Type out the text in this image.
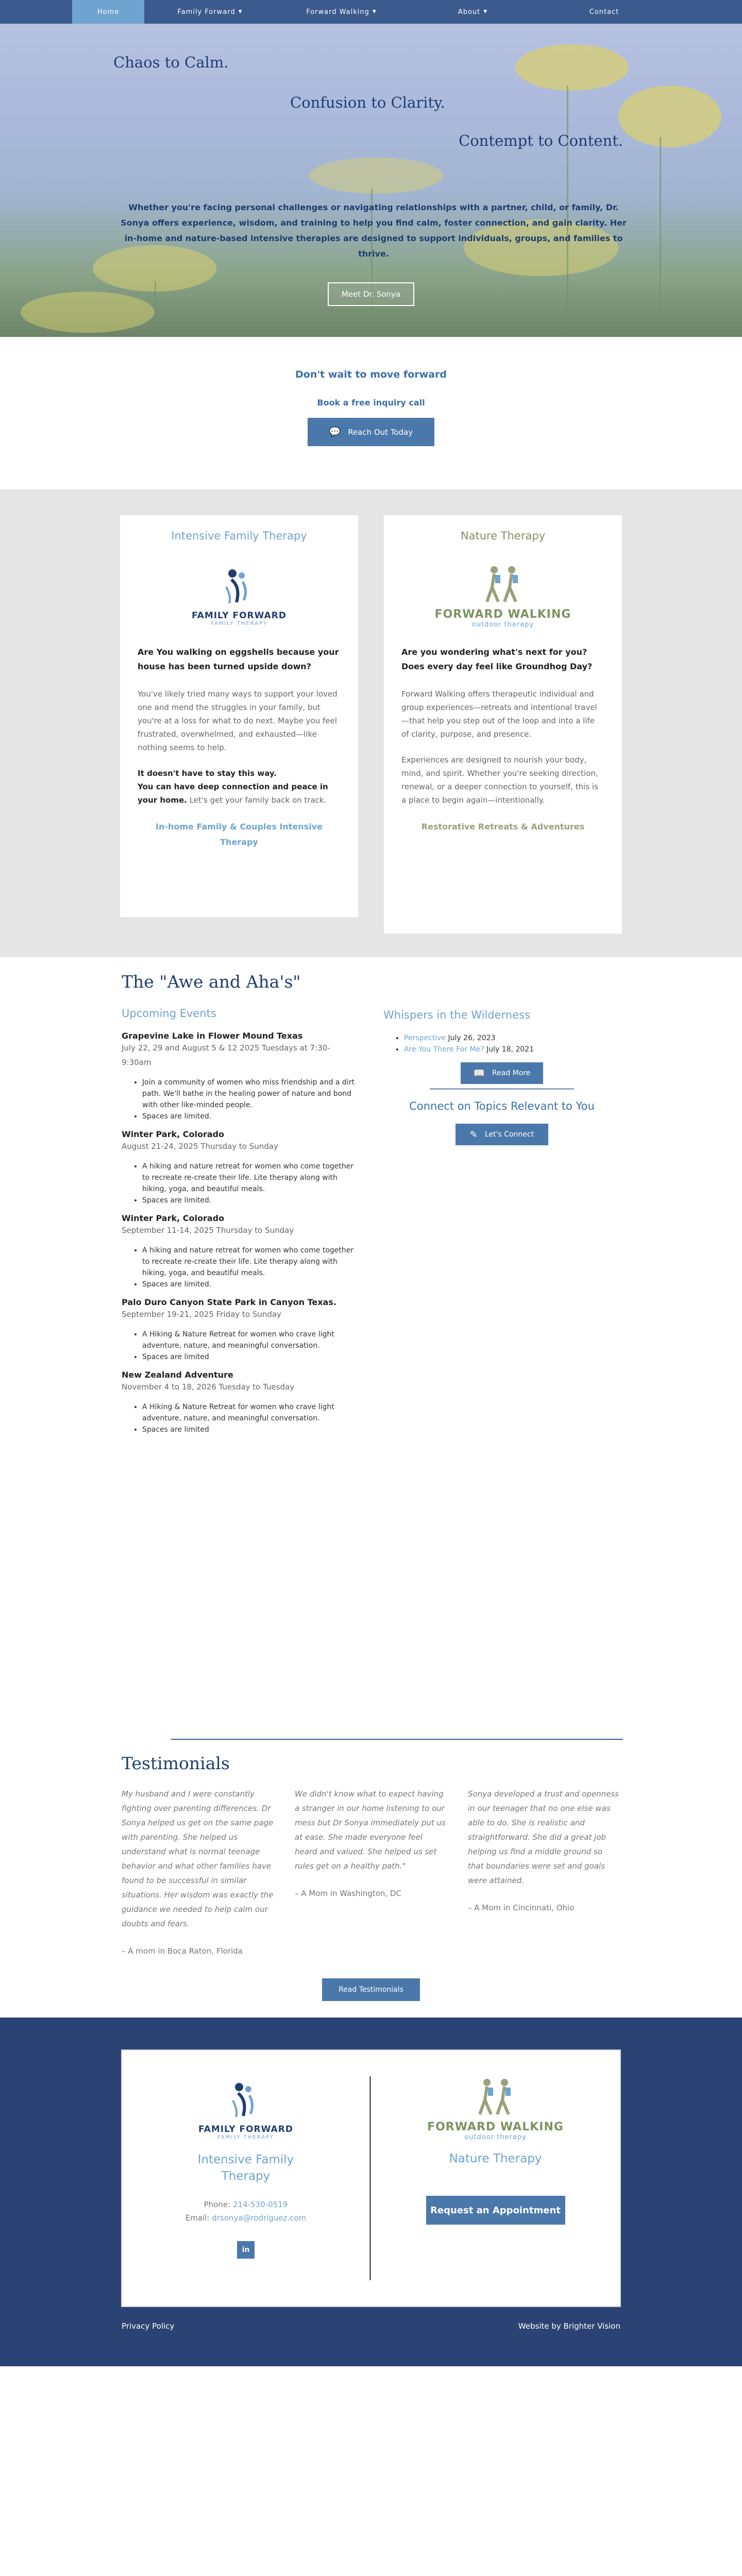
Home	Family Forward ▼	Forward Walking ▼	About ▼	Contact
Chaos to Calm.
Confusion to Clarity.
Contempt to Content.
Whether you're facing personal challenges or navigating relationships with a partner, child, or family, Dr. Sonya offers experience, wisdom, and training to help you find calm, foster connection, and gain clarity. Her in-home and nature-based intensive therapies are designed to support individuals, groups, and families to thrive.
Meet Dr. Sonya
Don't wait to move forward
Book a free inquiry call
💬 Reach Out Today
Intensive Family Therapy
FAMILY FORWARD
FAMILY THERAPY
Are You walking on eggshells because your house has been turned upside down?

You've likely tried many ways to support your loved one and mend the struggles in your family, but you're at a loss for what to do next. Maybe you feel frustrated, overwhelmed, and exhausted—like nothing seems to help.

It doesn't have to stay this way.
You can have deep connection and peace in your home. Let's get your family back on track.

In-home Family & Couples Intensive Therapy
Nature Therapy
FORWARD WALKING
outdoor therapy
Are you wondering what's next for you? Does every day feel like Groundhog Day?

Forward Walking offers therapeutic individual and group experiences—retreats and intentional travel—that help you step out of the loop and into a life of clarity, purpose, and presence.

Experiences are designed to nourish your body, mind, and spirit. Whether you're seeking direction, renewal, or a deeper connection to yourself, this is a place to begin again—intentionally.

Restorative Retreats & Adventures
The "Awe and Aha's"
Upcoming Events
Grapevine Lake in Flower Mound Texas
July 22, 29 and August 5 & 12 2025 Tuesdays at 7:30-9:30am
• Join a community of women who miss friendship and a dirt path. We'll bathe in the healing power of nature and bond with other like-minded people.
• Spaces are limited.
Winter Park, Colorado
August 21-24, 2025 Thursday to Sunday
• A hiking and nature retreat for women who come together to recreate re-create their life. Lite therapy along with hiking, yoga, and beautiful meals.
• Spaces are limited.
Winter Park, Colorado
September 11-14, 2025 Thursday to Sunday
• A hiking and nature retreat for women who come together to recreate re-create their life. Lite therapy along with hiking, yoga, and beautiful meals.
• Spaces are limited.
Palo Duro Canyon State Park in Canyon Texas.
September 19-21, 2025 Friday to Sunday
• A Hiking & Nature Retreat for women who crave light adventure, nature, and meaningful conversation.
• Spaces are limited
New Zealand Adventure
November 4 to 18, 2026 Tuesday to Tuesday
• A Hiking & Nature Retreat for women who crave light adventure, nature, and meaningful conversation.
• Spaces are limited
Whispers in the Wilderness
• Perspective July 26, 2023
• Are You There For Me? July 18, 2021
📖 Read More
Connect on Topics Relevant to You
✎ Let's Connect
Testimonials
My husband and I were constantly fighting over parenting differences. Dr Sonya helped us get on the same page with parenting. She helped us understand what is normal teenage behavior and what other families have found to be successful in similar situations. Her wisdom was exactly the guidance we needed to help calm our doubts and fears.
– A mom in Boca Raton, Florida
We didn't know what to expect having a stranger in our home listening to our mess but Dr Sonya immediately put us at ease. She made everyone feel heard and valued. She helped us set rules get on a healthy path."
– A Mom in Washington, DC
Sonya developed a trust and openness in our teenager that no one else was able to do. She is realistic and straightforward. She did a great job helping us find a middle ground so that boundaries were set and goals were attained.
– A Mom in Cincinnati, Ohio
Read Testimonials
FAMILY FORWARD
FAMILY THERAPY
Intensive Family Therapy
Phone: 214-530-0519
Email: drsonya@rodriguez.com
in
FORWARD WALKING
outdoor therapy
Nature Therapy
Request an Appointment
Privacy Policy	Website by Brighter Vision
